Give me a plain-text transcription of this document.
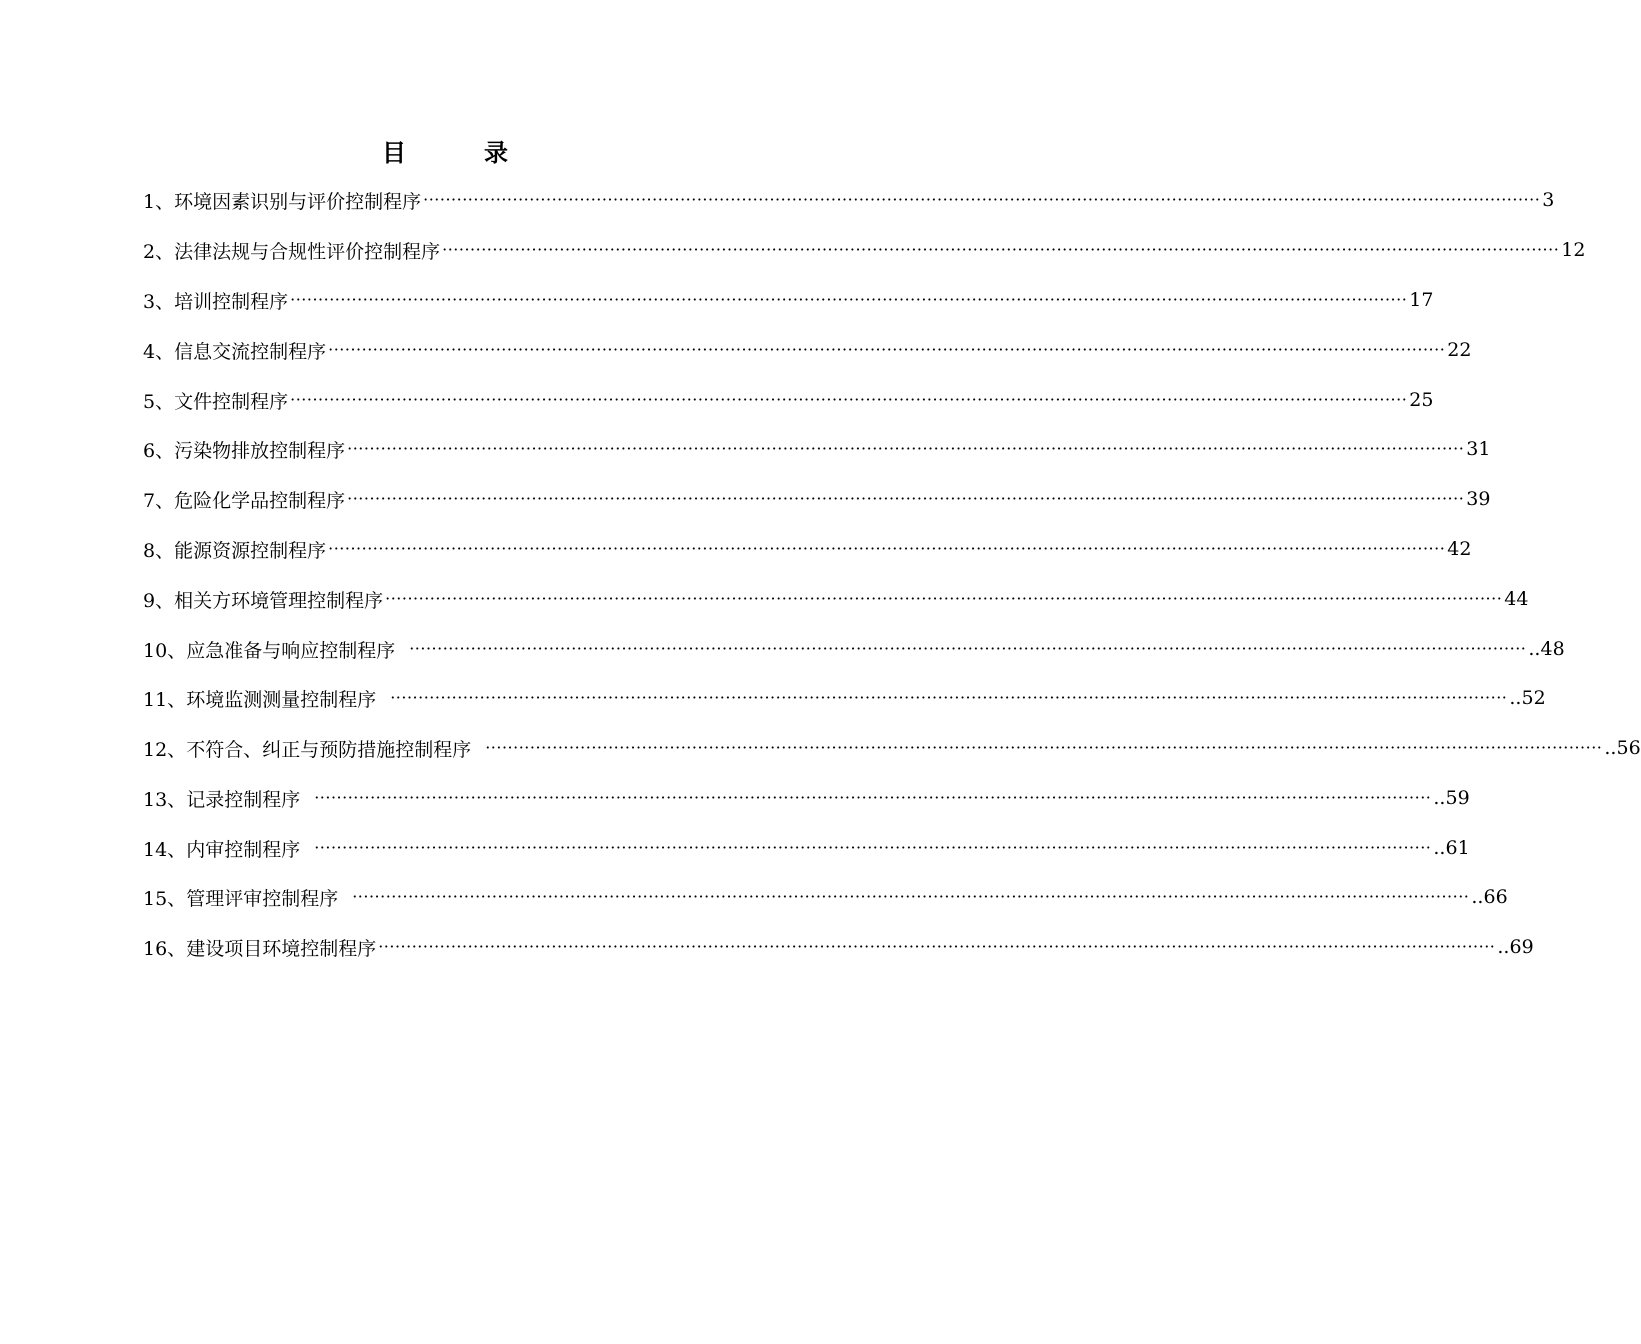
目	录
1、 环境因素识别与评价控制程序 ········································································································································································································ 3
2、 法律法规与合规性评价控制程序 ········································································································································································································ 12
3、 培训控制程序 ········································································································································································································ 17
4、 信息交流控制程序 ········································································································································································································ 22
5、 文件控制程序 ········································································································································································································ 25
6、 污染物排放控制程序 ········································································································································································································ 31
7、 危险化学品控制程序 ········································································································································································································ 39
8、 能源资源控制程序 ········································································································································································································ 42
9、 相关方环境管理控制程序 ········································································································································································································ 44
10、 应急准备与响应控制程序 ········································································································································································································ .. 48
11、 环境监测测量控制程序 ········································································································································································································ .. 52
12、 不符合、纠正与预防措施控制程序 ········································································································································································································ .. 56
13、 记录控制程序 ········································································································································································································ .. 59
14、 内审控制程序 ········································································································································································································ .. 61
15、 管理评审控制程序 ········································································································································································································ .. 66
16、 建设项目环境控制程序 ········································································································································································································ .. 69
